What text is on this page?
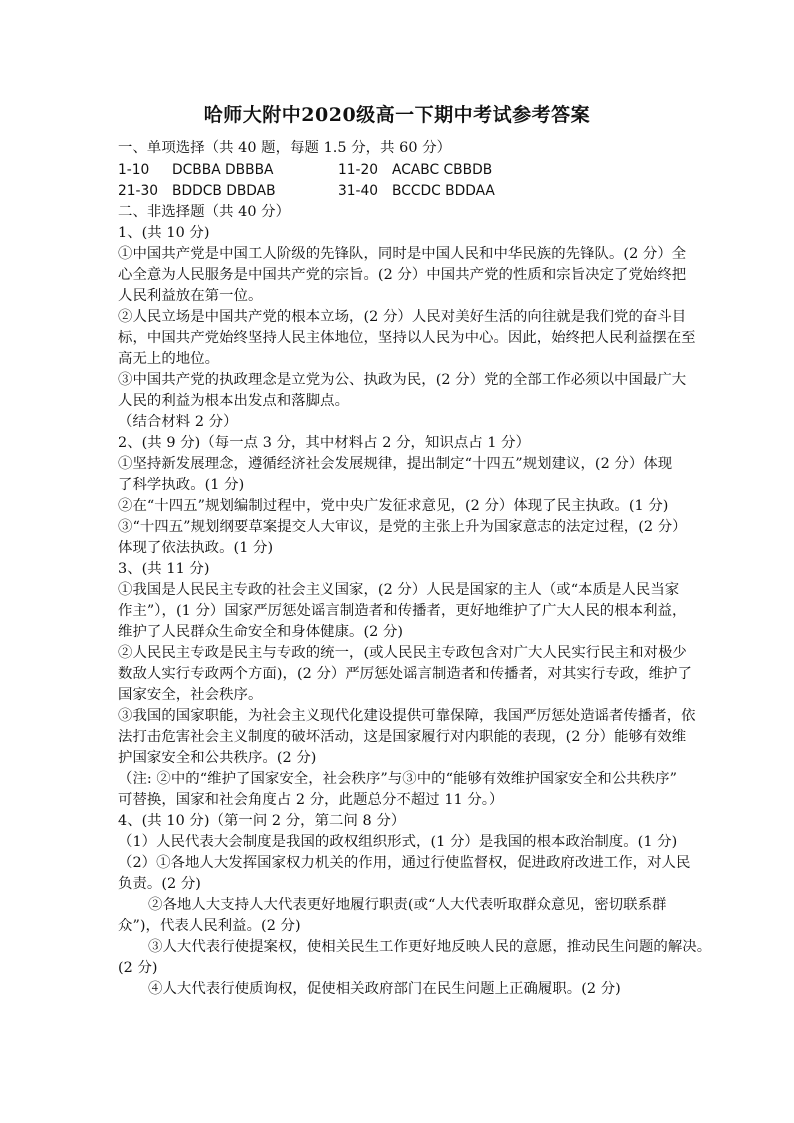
哈师大附中2020级高一下期中考试参考答案
一、单项选择（共 40 题，每题 1.5 分，共 60 分）
1-10 DCBBA DBBBA	11-20 ACABC CBBDB
21-30 BDDCB DBDAB	31-40 BCCDC BDDAA
二、非选择题（共 40 分）
1、(共 10 分)
①中国共产党是中国工人阶级的先锋队，同时是中国人民和中华民族的先锋队。(2 分）全
心全意为人民服务是中国共产党的宗旨。(2 分）中国共产党的性质和宗旨决定了党始终把
人民利益放在第一位。
②人民立场是中国共产党的根本立场，(2 分）人民对美好生活的向往就是我们党的奋斗目
标，中国共产党始终坚持人民主体地位，坚持以人民为中心。因此，始终把人民利益摆在至
高无上的地位。
③中国共产党的执政理念是立党为公、执政为民，(2 分）党的全部工作必须以中国最广大
人民的利益为根本出发点和落脚点。
（结合材料 2 分）
2、(共 9 分)（每一点 3 分，其中材料占 2 分，知识点占 1 分）
①坚持新发展理念，遵循经济社会发展规律，提出制定“十四五”规划建议，(2 分）体现
了科学执政。(1 分)
②在“十四五”规划编制过程中，党中央广发征求意见，(2 分）体现了民主执政。(1 分)
③“十四五”规划纲要草案提交人大审议，是党的主张上升为国家意志的法定过程，(2 分）
体现了依法执政。(1 分)
3、(共 11 分)
①我国是人民民主专政的社会主义国家，(2 分）人民是国家的主人（或“本质是人民当家
作主”），(1 分）国家严厉惩处谣言制造者和传播者，更好地维护了广大人民的根本利益，
维护了人民群众生命安全和身体健康。(2 分)
②人民民主专政是民主与专政的统一，(或人民民主专政包含对广大人民实行民主和对极少
数敌人实行专政两个方面)，(2 分）严厉惩处谣言制造者和传播者，对其实行专政，维护了
国家安全，社会秩序。
③我国的国家职能，为社会主义现代化建设提供可靠保障，我国严厉惩处造谣者传播者，依
法打击危害社会主义制度的破坏活动，这是国家履行对内职能的表现，(2 分）能够有效维
护国家安全和公共秩序。(2 分)
（注: ②中的“维护了国家安全，社会秩序”与③中的“能够有效维护国家安全和公共秩序”
可替换，国家和社会角度占 2 分，此题总分不超过 11 分。）
4、(共 10 分)（第一问 2 分，第二问 8 分）
（1）人民代表大会制度是我国的政权组织形式，(1 分）是我国的根本政治制度。(1 分)
（2）①各地人大发挥国家权力机关的作用，通过行使监督权，促进政府改进工作，对人民
负责。(2 分)
②各地人大支持人大代表更好地履行职责(或“人大代表听取群众意见，密切联系群
众”)，代表人民利益。(2 分)
③人大代表行使提案权，使相关民生工作更好地反映人民的意愿，推动民生问题的解决。
(2 分)
④人大代表行使质询权，促使相关政府部门在民生问题上正确履职。(2 分)
